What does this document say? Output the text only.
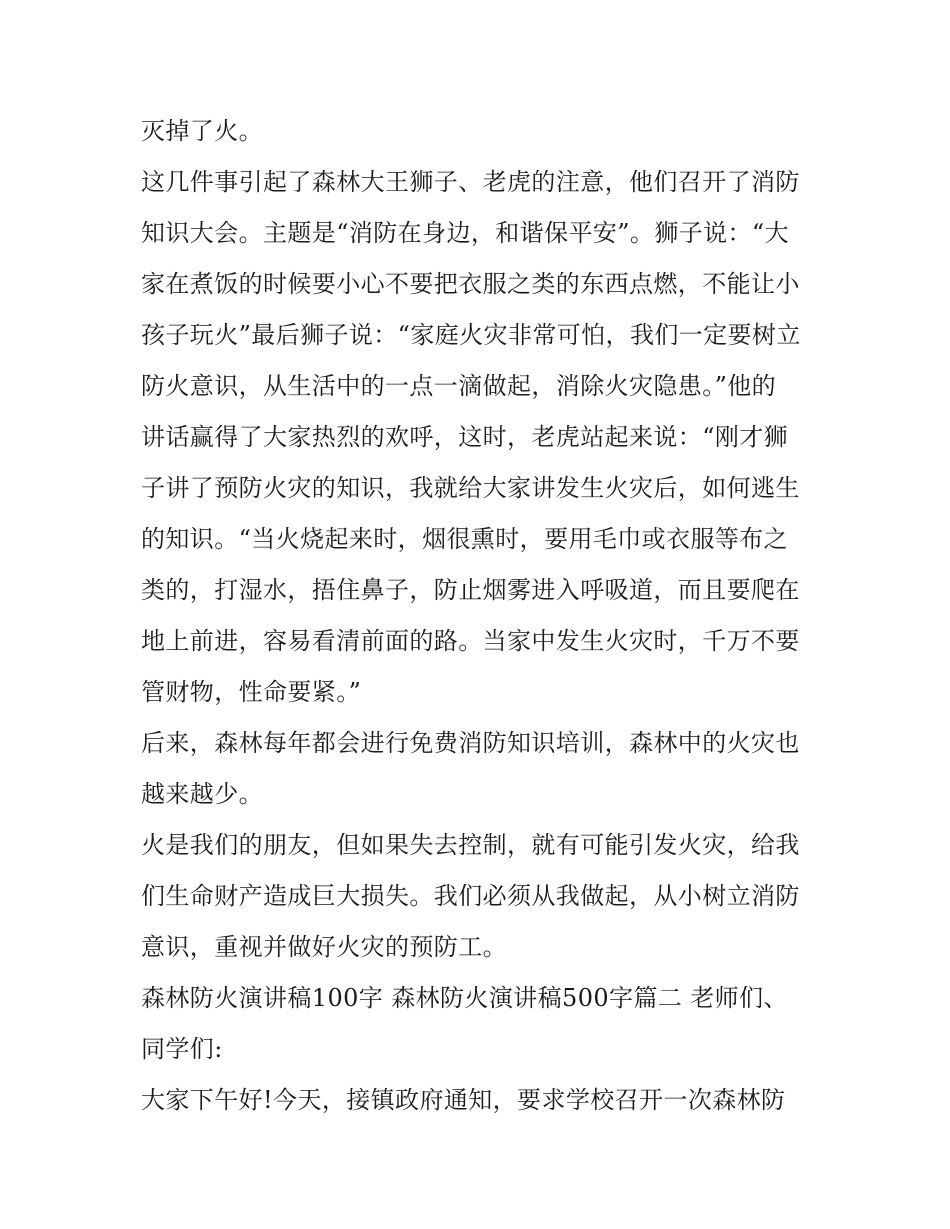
灭掉了火。
这几件事引起了森林大王狮子、老虎的注意，他们召开了消防
知识大会。主题是“消防在身边，和谐保平安”。狮子说：“大
家在煮饭的时候要小心不要把衣服之类的东西点燃，不能让小
孩子玩火”最后狮子说：“家庭火灾非常可怕，我们一定要树立
防火意识，从生活中的一点一滴做起，消除火灾隐患。”他的
讲话赢得了大家热烈的欢呼，这时，老虎站起来说：“刚才狮
子讲了预防火灾的知识，我就给大家讲发生火灾后，如何逃生
的知识。“当火烧起来时，烟很熏时，要用毛巾或衣服等布之
类的，打湿水，捂住鼻子，防止烟雾进入呼吸道，而且要爬在
地上前进，容易看清前面的路。当家中发生火灾时，千万不要
管财物，性命要紧。”
后来，森林每年都会进行免费消防知识培训，森林中的火灾也
越来越少。
火是我们的朋友，但如果失去控制，就有可能引发火灾，给我
们生命财产造成巨大损失。我们必须从我做起，从小树立消防
意识，重视并做好火灾的预防工。
森林防火演讲稿100字 森林防火演讲稿500字篇二 老师们、
同学们:
大家下午好!今天，接镇政府通知，要求学校召开一次森林防
